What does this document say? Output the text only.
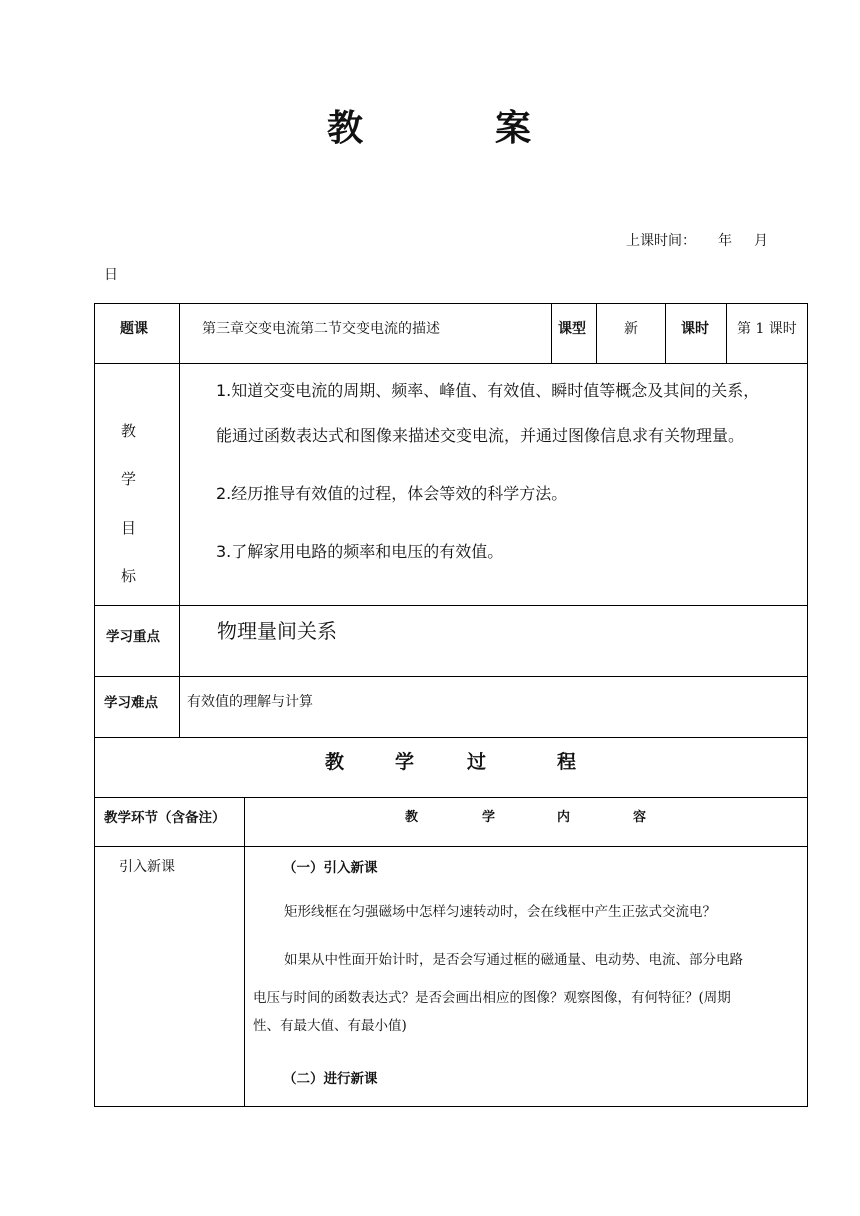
教	案
上课时间： 年 月
日
题课	第三章交变电流第二节交变电流的描述	课型	新	课时 第 1 课时
教
学
目
标
1.知道交变电流的周期、频率、峰值、有效值、瞬时值等概念及其间的关系，
能通过函数表达式和图像来描述交变电流，并通过图像信息求有关物理量。
2.经历推导有效值的过程，体会等效的科学方法。
3.了解家用电路的频率和电压的有效值。
学习重点	物理量间关系
学习难点 有效值的理解与计算
教	学	过	程
教学环节（含备注）	教	学	内	容
引入新课	（一）引入新课
矩形线框在匀强磁场中怎样匀速转动时，会在线框中产生正弦式交流电？
如果从中性面开始计时，是否会写通过框的磁通量、电动势、电流、部分电路
电压与时间的函数表达式？是否会画出相应的图像？观察图像，有何特征？(周期
性、有最大值、有最小值)
（二）进行新课
